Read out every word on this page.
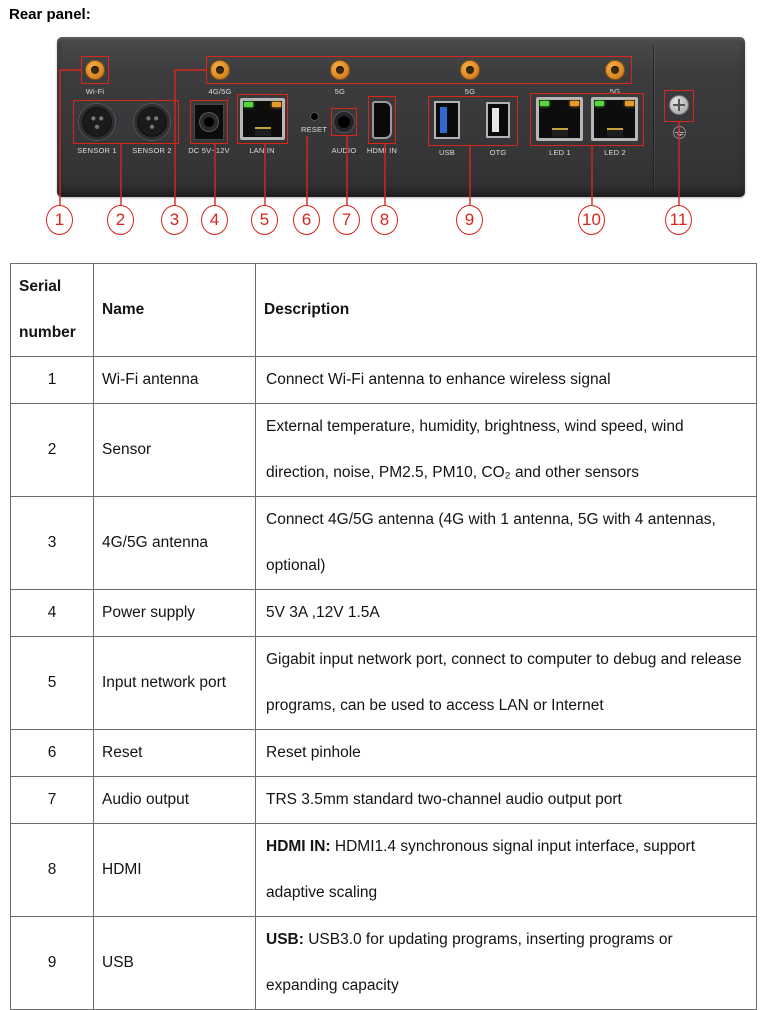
Rear panel:
Wi-Fi	4G/5G	5G	5G	5G
SENSOR 1 SENSOR 2 DC 5V~12V	LAN IN
RESET
AUDIO HDMI IN	USB	OTG	LED 1	LED 2
1	2	3	4	5	6	7	8	9	10	11
Serial number	Name	Description
1	Wi-Fi antenna	Connect Wi-Fi antenna to enhance wireless signal
2	Sensor	External temperature, humidity, brightness, wind speed, wind direction, noise, PM2.5, PM10, CO₂ and other sensors
3	4G/5G antenna	Connect 4G/5G antenna (4G with 1 antenna, 5G with 4 antennas, optional)
4	Power supply	5V 3A ,12V 1.5A
5	Input network port	Gigabit input network port, connect to computer to debug and release programs, can be used to access LAN or Internet
6	Reset	Reset pinhole
7	Audio output	TRS 3.5mm standard two-channel audio output port
8	HDMI	HDMI IN: HDMI1.4 synchronous signal input interface, support adaptive scaling
9	USB	USB: USB3.0 for updating programs, inserting programs or expanding capacity
